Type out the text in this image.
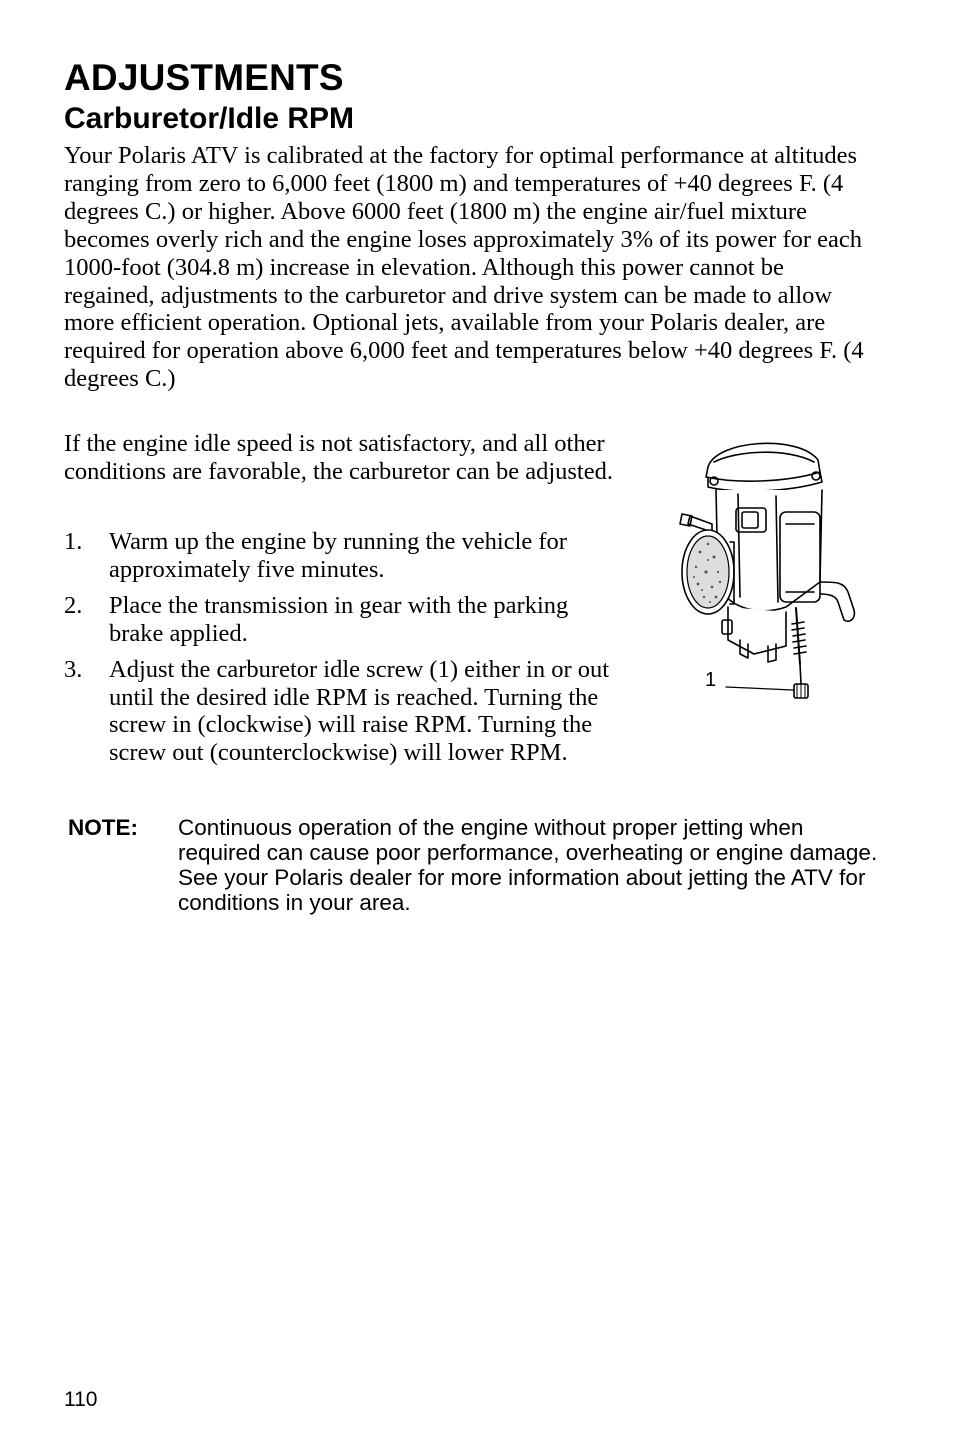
ADJUSTMENTS
Carburetor/Idle RPM

Your Polaris ATV is calibrated at the factory for optimal performance at altitudes ranging from zero to 6,000 feet (1800 m) and temperatures of +40 degrees F. (4 degrees C.) or higher. Above 6000 feet (1800 m) the engine air/fuel mixture becomes overly rich and the engine loses approximately 3% of its power for each 1000-foot (304.8 m) increase in elevation. Although this power cannot be regained, adjustments to the carburetor and drive system can be made to allow more efficient operation. Optional jets, available from your Polaris dealer, are required for operation above 6,000 feet and temperatures below +40 degrees F. (4 degrees C.)

If the engine idle speed is not satisfactory, and all other conditions are favorable, the carburetor can be adjusted.

1. Warm up the engine by running the vehicle for approximately five minutes.
2. Place the transmission in gear with the parking brake applied.
3. Adjust the carburetor idle screw (1) either in or out until the desired idle RPM is reached. Turning the screw in (clockwise) will raise RPM. Turning the screw out (counterclockwise) will lower RPM.
1
NOTE: Continuous operation of the engine without proper jetting when required can cause poor performance, overheating or engine damage. See your Polaris dealer for more information about jetting the ATV for conditions in your area.

110
